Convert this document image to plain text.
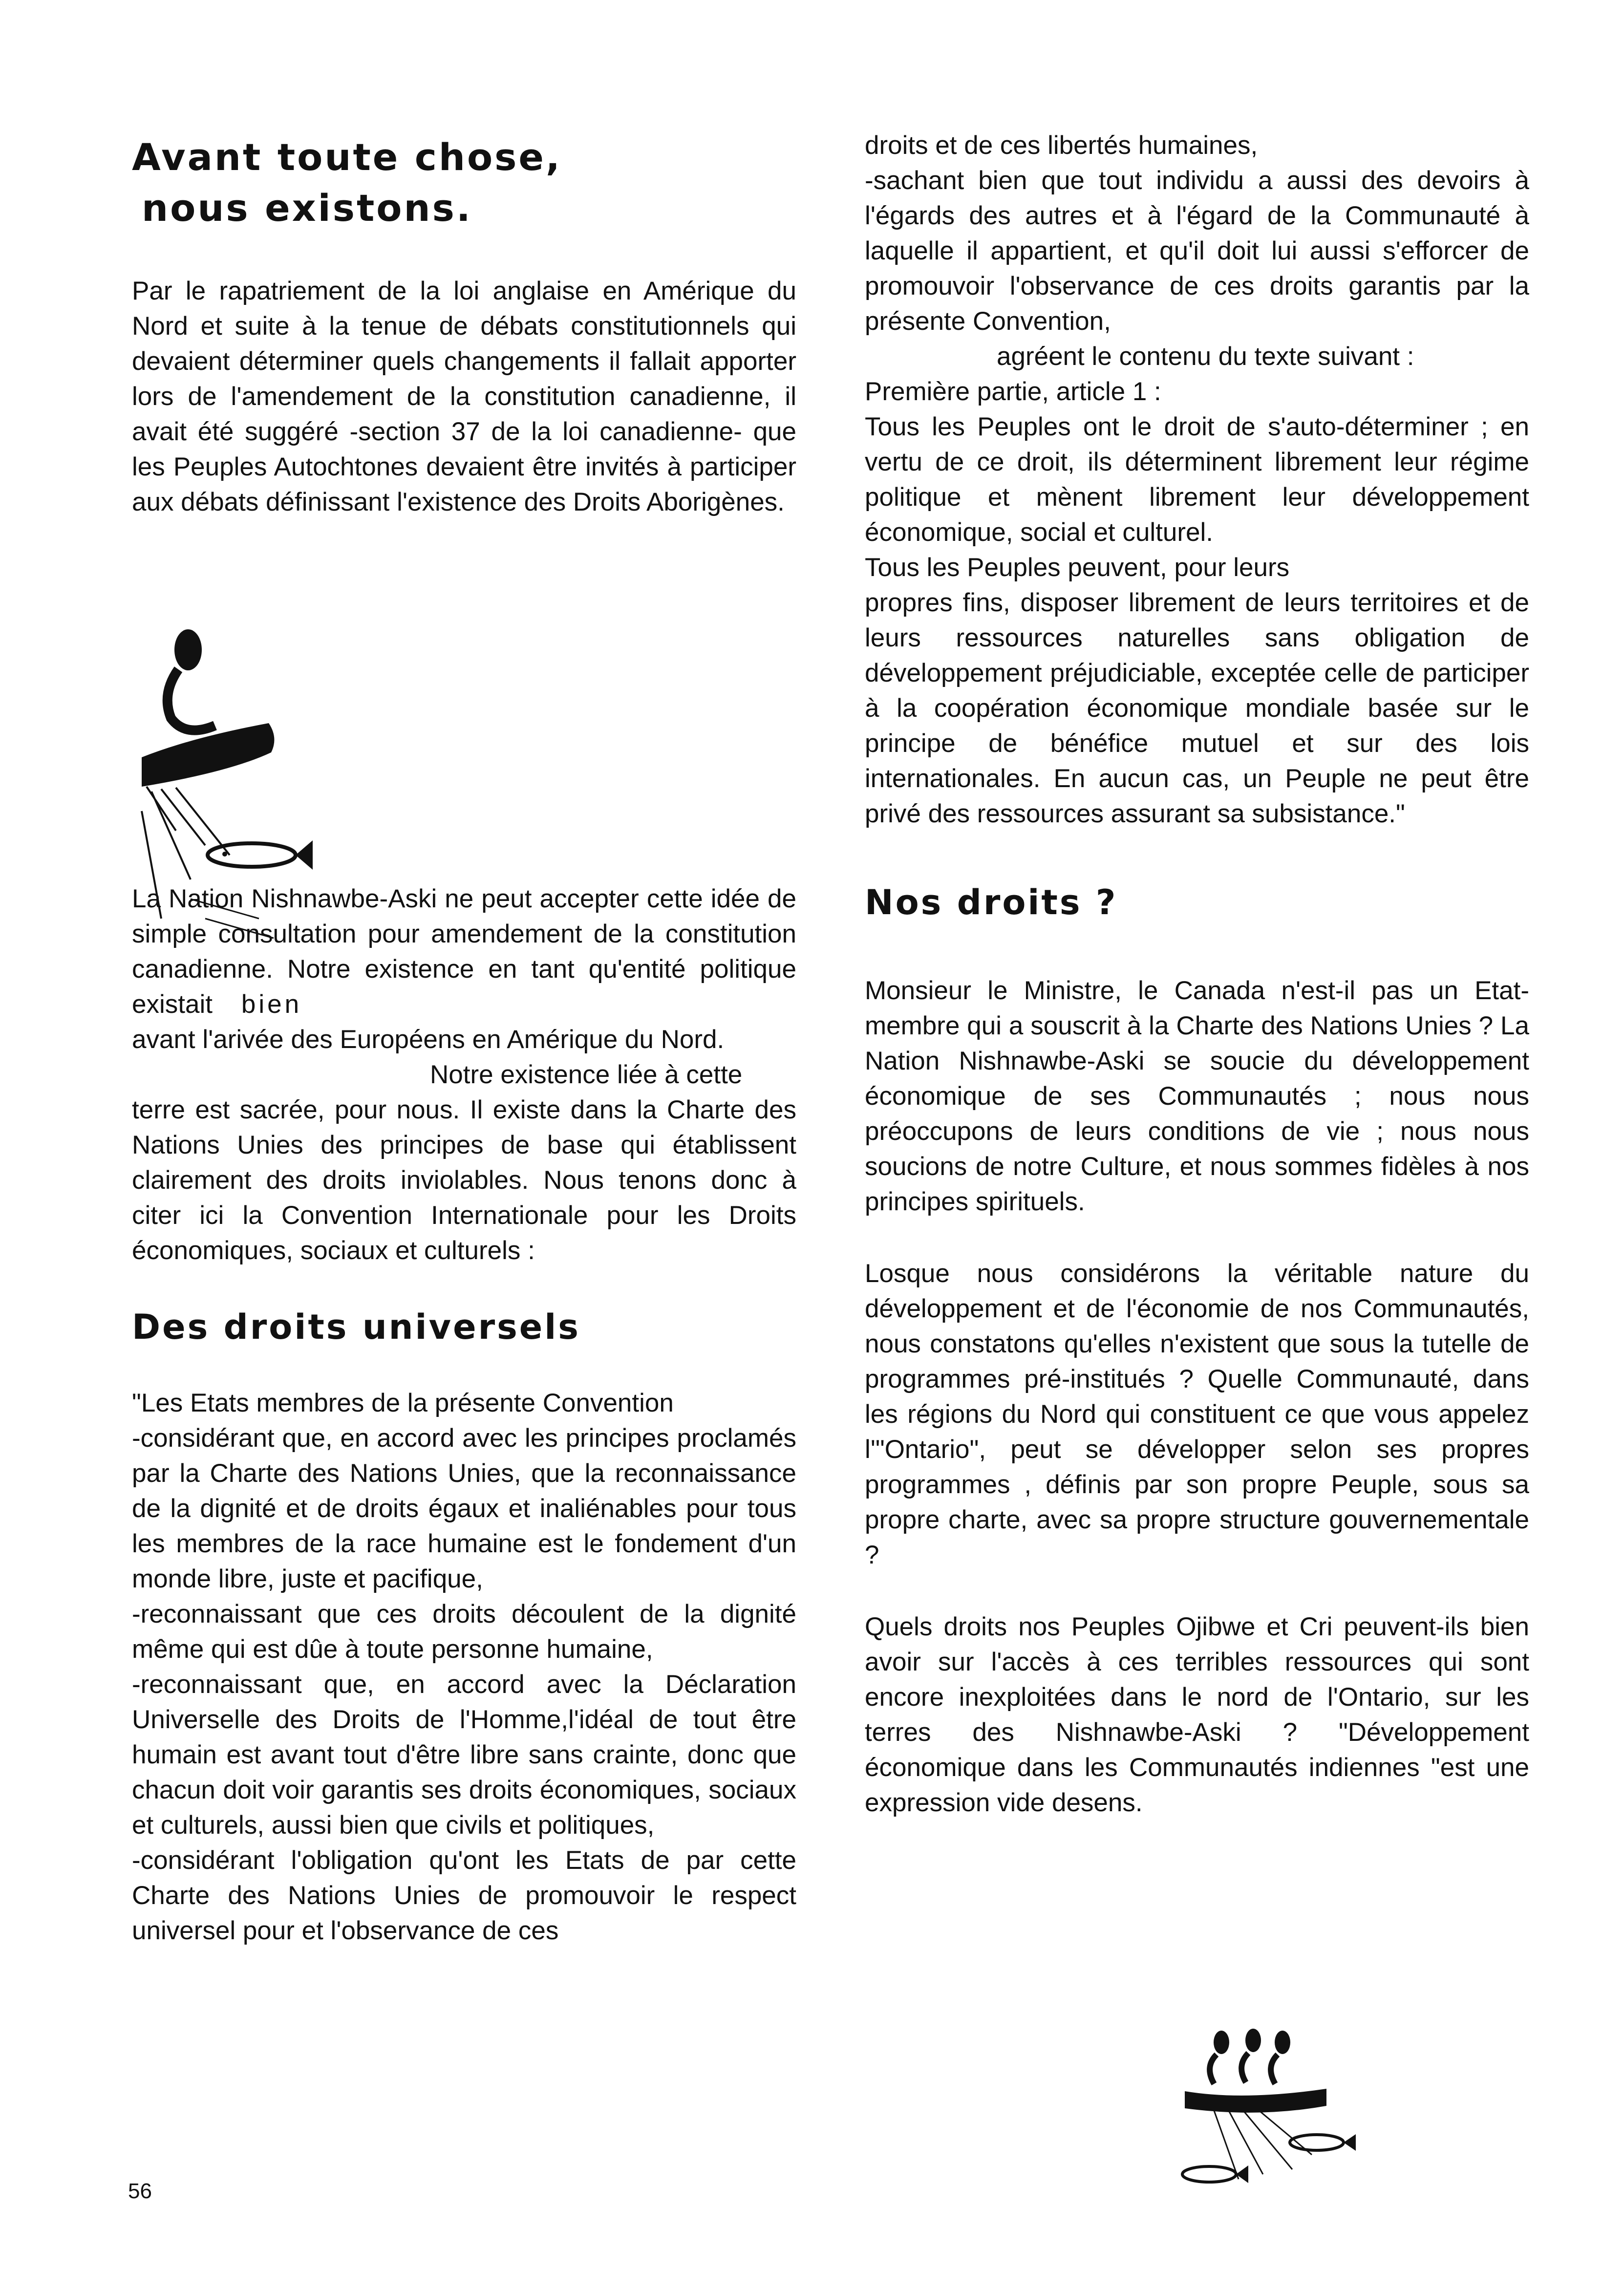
Avant toute chose,
nous existons.

Par le rapatriement de la loi anglaise en Amérique du Nord et suite à la tenue de débats constitutionnels qui devaient déterminer quels changements il fallait apporter lors de l'amendement de la constitution canadienne, il avait été suggéré -section 37 de la loi canadienne- que les Peuples Autochtones devaient être invités à participer aux débats définissant l'existence des Droits Aborigènes.

La Nation Nishnawbe-Aski ne peut accepter cette idée de simple consultation pour amendement de la constitution canadienne. Notre existence en tant qu'entité politique existait bien

avant l'arivée des Européens en Amérique du Nord.

Notre existence liée à cette

terre est sacrée, pour nous. Il existe dans la Charte des Nations Unies des principes de base qui établissent clairement des droits inviolables. Nous tenons donc à citer ici la Convention Internationale pour les Droits économiques, sociaux et culturels :

Des droits universels

"Les Etats membres de la présente Convention

-considérant que, en accord avec les principes proclamés par la Charte des Nations Unies, que la reconnaissance de la dignité et de droits égaux et inaliénables pour tous les membres de la race humaine est le fondement d'un monde libre, juste et pacifique,

-reconnaissant que ces droits découlent de la dignité même qui est dûe à toute personne humaine,

-reconnaissant que, en accord avec la Déclaration Universelle des Droits de l'Homme,l'idéal de tout être humain est avant tout d'être libre sans crainte, donc que chacun doit voir garantis ses droits économiques, sociaux et culturels, aussi bien que civils et politiques,

-considérant l'obligation qu'ont les Etats de par cette Charte des Nations Unies de promouvoir le respect universel pour et l'observance de ces

droits et de ces libertés humaines,

-sachant bien que tout individu a aussi des devoirs à l'égards des autres et à l'égard de la Communauté à laquelle il appartient, et qu'il doit lui aussi s'efforcer de promouvoir l'observance de ces droits garantis par la présente Convention,

agréent le contenu du texte suivant :

Première partie, article 1 :

Tous les Peuples ont le droit de s'auto-déterminer ; en vertu de ce droit, ils déterminent librement leur régime politique et mènent librement leur développement économique, social et culturel.

Tous les Peuples peuvent, pour leurs

propres fins, disposer librement de leurs territoires et de leurs ressources naturelles sans obligation de développement préjudiciable, exceptée celle de participer à la coopération économique mondiale basée sur le principe de bénéfice mutuel et sur des lois internationales. En aucun cas, un Peuple ne peut être privé des ressources assurant sa subsistance."

Nos droits ?

Monsieur le Ministre, le Canada n'est-il pas un Etat-membre qui a souscrit à la Charte des Nations Unies ? La Nation Nishnawbe-Aski se soucie du développement économique de ses Communautés ; nous nous préoccupons de leurs conditions de vie ; nous nous soucions de notre Culture, et nous sommes fidèles à nos principes spirituels.

Losque nous considérons la véritable nature du développement et de l'économie de nos Communautés, nous constatons qu'elles n'existent que sous la tutelle de programmes pré-institués ? Quelle Communauté, dans les régions du Nord qui constituent ce que vous appelez l'"Ontario", peut se développer selon ses propres programmes , définis par son propre Peuple, sous sa propre charte, avec sa propre structure gouvernementale ?

Quels droits nos Peuples Ojibwe et Cri peuvent-ils bien avoir sur l'accès à ces terribles ressources qui sont encore inexploitées dans le nord de l'Ontario, sur les terres des Nishnawbe-Aski ? "Développement économique dans les Communautés indiennes "est une expression vide desens.

56
